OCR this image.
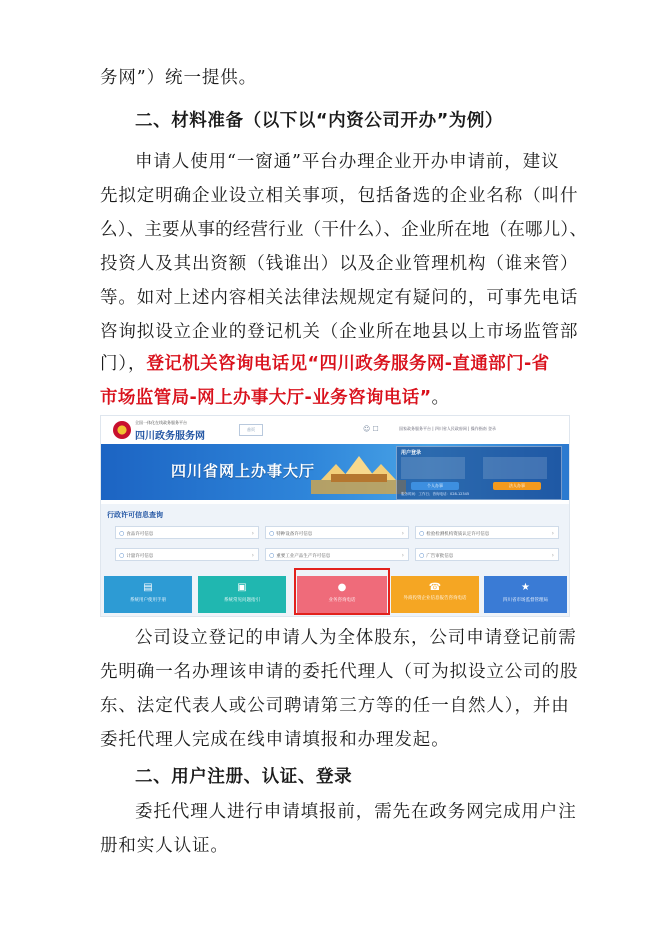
务网”）统一提供。
二、材料准备（以下以“内资公司开办”为例）
申请人使用“一窗通”平台办理企业开办申请前，建议
先拟定明确企业设立相关事项，包括备选的企业名称（叫什
么）、主要从事的经营行业（干什么）、企业所在地（在哪儿）、
投资人及其出资额（钱谁出）以及企业管理机构（谁来管）
等。如对上述内容相关法律法规规定有疑问的，可事先电话
咨询拟设立企业的登记机关（企业所在地县以上市场监管部
门），登记机关咨询电话见“四川政务服务网-直通部门-省
市场监管局-网上办事大厅-业务咨询电话”。
全国一体化在线政务服务平台
四川政务服务网
首页	☺ ☐	国家政务服务平台 | 四川省人民政府网 | 操作指南 登录
四川省网上办事大厅
用户登录
个人办事	法人办事
服务时间：工作日；咨询电话：028-12345
行政许可信息查询
○ 食品许可信息	›	○ 特种设备许可信息	›	○ 检验检测机构资质认定许可信息	›
○ 计量许可信息	›	○ 重要工业产品生产许可信息	›	○ 广告审批信息	›
▤
系统用户使用手册
▣
系统常见问题指引
●
业务咨询电话
☎
外商投资企业信息报告咨询电话
★
四川省市场监督管理局
公司设立登记的申请人为全体股东，公司申请登记前需
先明确一名办理该申请的委托代理人（可为拟设立公司的股
东、法定代表人或公司聘请第三方等的任一自然人），并由
委托代理人完成在线申请填报和办理发起。
二、用户注册、认证、登录
委托代理人进行申请填报前，需先在政务网完成用户注
册和实人认证。
